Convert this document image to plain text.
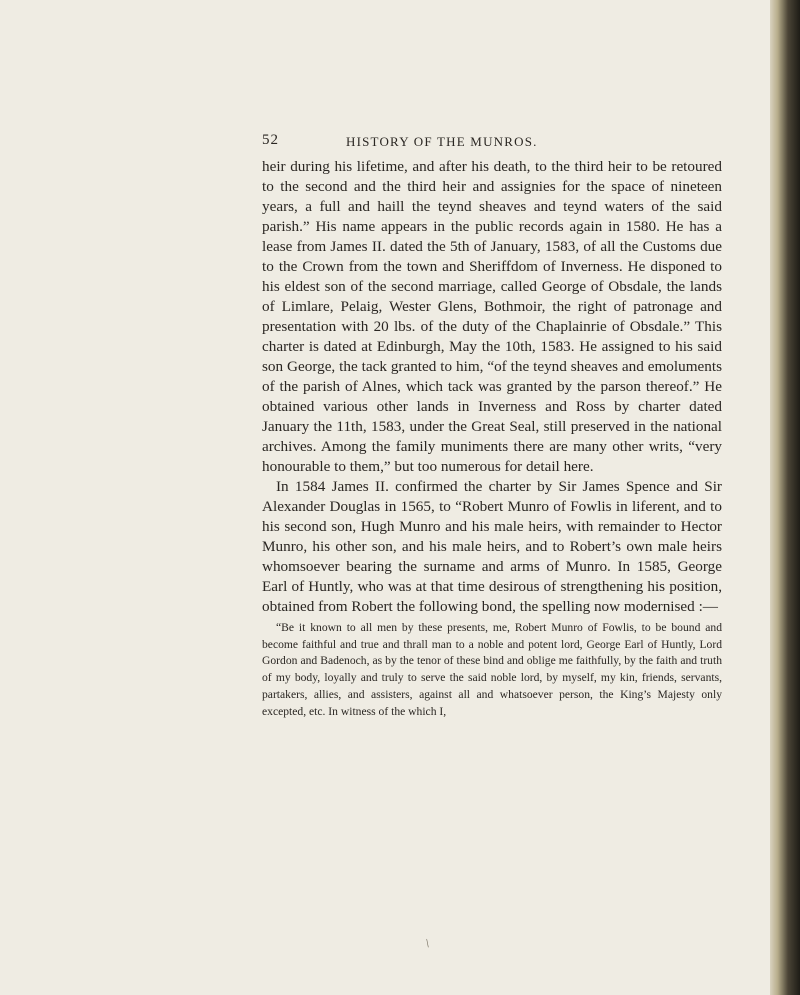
52	HISTORY OF THE MUNROS.

heir during his lifetime, and after his death, to the third heir to be retoured to the second and the third heir and assignies for the space of nineteen years, a full and haill the teynd sheaves and teynd waters of the said parish.” His name appears in the public records again in 1580. He has a lease from James II. dated the 5th of January, 1583, of all the Customs due to the Crown from the town and Sheriffdom of Inverness. He disponed to his eldest son of the second marriage, called George of Obsdale, the lands of Limlare, Pelaig, Wester Glens, Bothmoir, the right of patronage and presentation with 20 lbs. of the duty of the Chaplainrie of Obsdale.” This charter is dated at Edinburgh, May the 10th, 1583. He assigned to his said son George, the tack granted to him, “of the teynd sheaves and emoluments of the parish of Alnes, which tack was granted by the parson thereof.” He obtained various other lands in Inverness and Ross by charter dated January the 11th, 1583, under the Great Seal, still preserved in the national archives. Among the family muniments there are many other writs, “very honourable to them,” but too numerous for detail here.

In 1584 James II. confirmed the charter by Sir James Spence and Sir Alexander Douglas in 1565, to “Robert Munro of Fowlis in liferent, and to his second son, Hugh Munro and his male heirs, with remainder to Hector Munro, his other son, and his male heirs, and to Robert’s own male heirs whomsoever bearing the surname and arms of Munro. In 1585, George Earl of Huntly, who was at that time desirous of strengthening his position, obtained from Robert the following bond, the spelling now modernised :—

“Be it known to all men by these presents, me, Robert Munro of Fowlis, to be bound and become faithful and true and thrall man to a noble and potent lord, George Earl of Huntly, Lord Gordon and Badenoch, as by the tenor of these bind and oblige me faithfully, by the faith and truth of my body, loyally and truly to serve the said noble lord, by myself, my kin, friends, servants, partakers, allies, and assisters, against all and whatsoever person, the King’s Majesty only excepted, etc. In witness of the which I,

/
